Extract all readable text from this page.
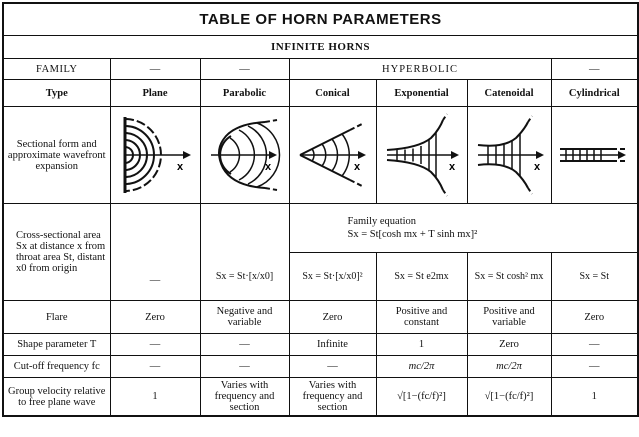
TABLE OF HORN PARAMETERS						
INFINITE HORNS						
FAMILY	—	—	HYPERBOLIC			—
Type	Plane	Parabolic	Conical	Exponential	Catenoidal	Cylindrical
Sectional form and approximate wavefront expansion	x	x	x	x	x

Cross-sectional area Sx at distance x from throat area St, distant x0 from origin	—		Family equation
Sx = St[cosh mx + T sinh mx]²			

		Sx = St·[x/x0]	Sx = St·[x/x0]²	Sx = St e2mx	Sx = St cosh² mx	Sx = St
Flare	Zero	Negative and variable	Zero	Positive and constant	Positive and variable	Zero
Shape parameter T	—	—	Infinite	1	Zero	—
Cut-off frequency fc	—	—	—	mc/2π	mc/2π	—
Group velocity relative to free plane wave	1	Varies with frequency and section	Varies with frequency and section	√[1−(fc/f)²]	√[1−(fc/f)²]	1
